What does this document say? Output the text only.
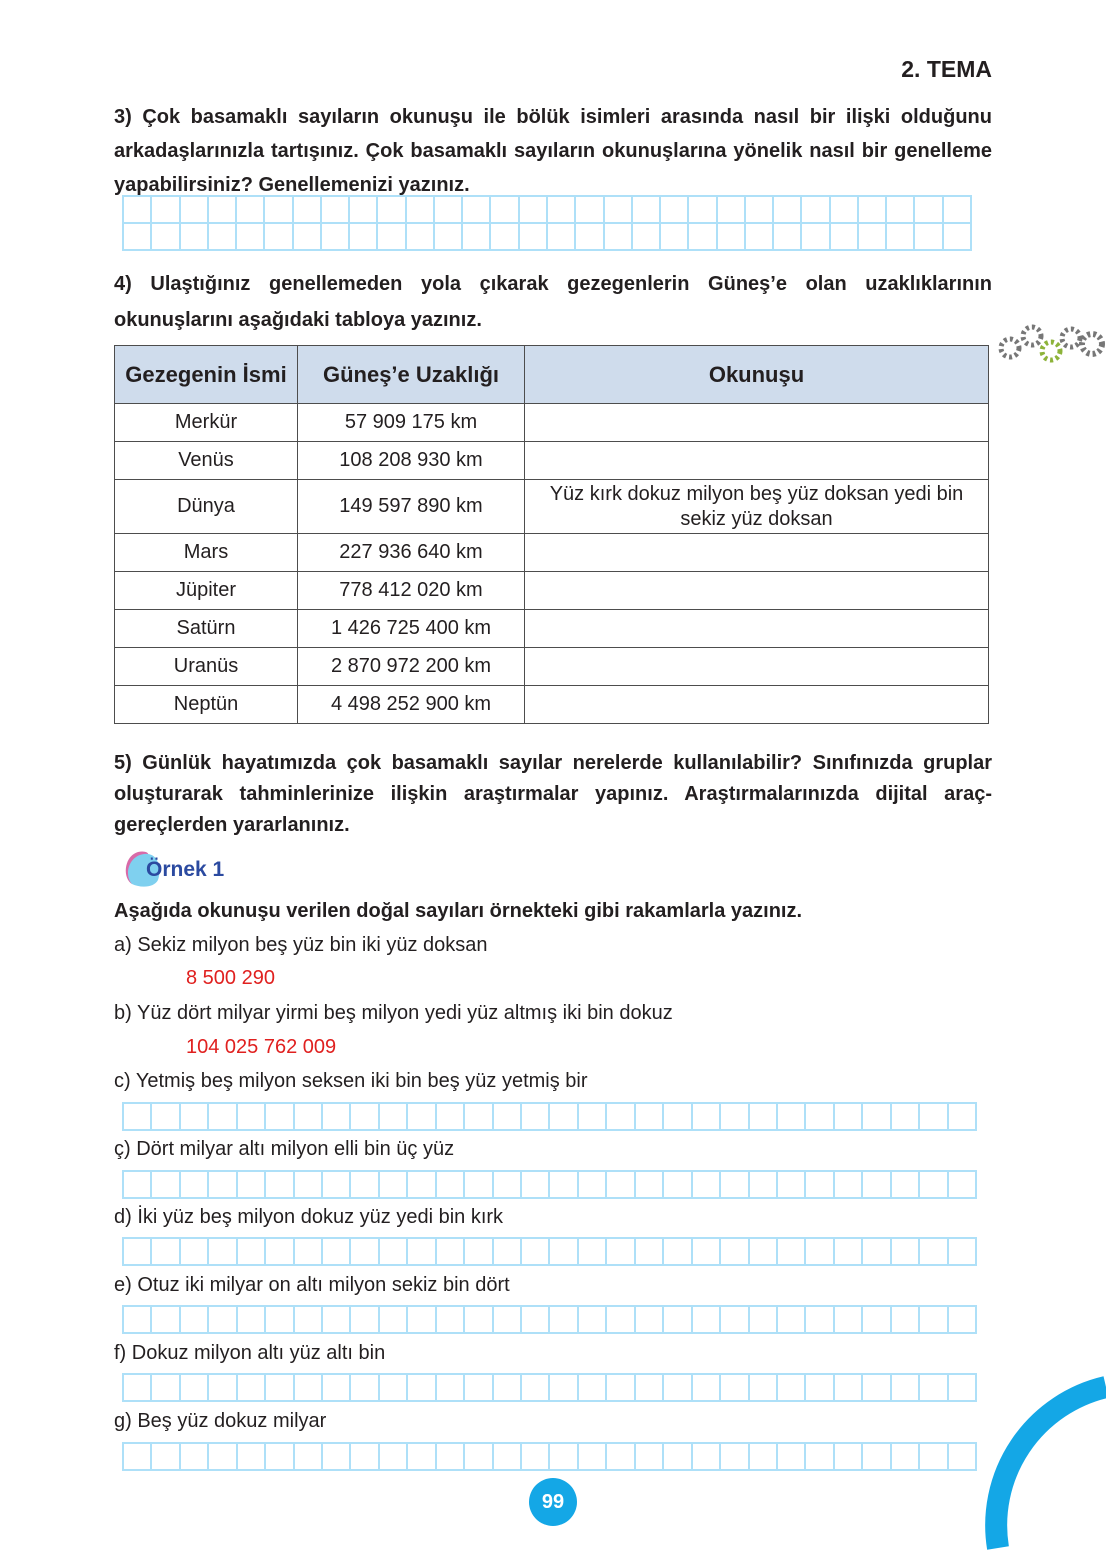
2. TEMA
3) Çok basamaklı sayıların okunuşu ile bölük isimleri arasında nasıl bir ilişki olduğunu arkadaşlarınızla tartışınız. Çok basamaklı sayıların okunuşlarına yönelik nasıl bir genelleme yapabilirsiniz? Genellemenizi yazınız.
4) Ulaştığınız genellemeden yola çıkarak gezegenlerin Güneş’e olan uzaklıklarının okunuşlarını aşağıdaki tabloya yazınız.
Gezegenin İsmi	Güneş’e Uzaklığı	Okunuşu
Merkür	57 909 175 km	
Venüs	108 208 930 km	
Dünya	149 597 890 km	Yüz kırk dokuz milyon beş yüz doksan yedi bin sekiz yüz doksan
Mars	227 936 640 km	
Jüpiter	778 412 020 km	
Satürn	1 426 725 400 km	
Uranüs	2 870 972 200 km	
Neptün	4 498 252 900 km	
5) Günlük hayatımızda çok basamaklı sayılar nerelerde kullanılabilir? Sınıfınızda gruplar oluşturarak tahminlerinize ilişkin araştırmalar yapınız. Araştırmalarınızda dijital araç-gereçlerden yararlanınız.
Örnek 1
Aşağıda okunuşu verilen doğal sayıları örnekteki gibi rakamlarla yazınız.
a) Sekiz milyon beş yüz bin iki yüz doksan
8 500 290
b) Yüz dört milyar yirmi beş milyon yedi yüz altmış iki bin dokuz
104 025 762 009
c) Yetmiş beş milyon seksen iki bin beş yüz yetmiş bir
ç) Dört milyar altı milyon elli bin üç yüz
d) İki yüz beş milyon dokuz yüz yedi bin kırk
e) Otuz iki milyar on altı milyon sekiz bin dört
f) Dokuz milyon altı yüz altı bin
g) Beş yüz dokuz milyar
99
